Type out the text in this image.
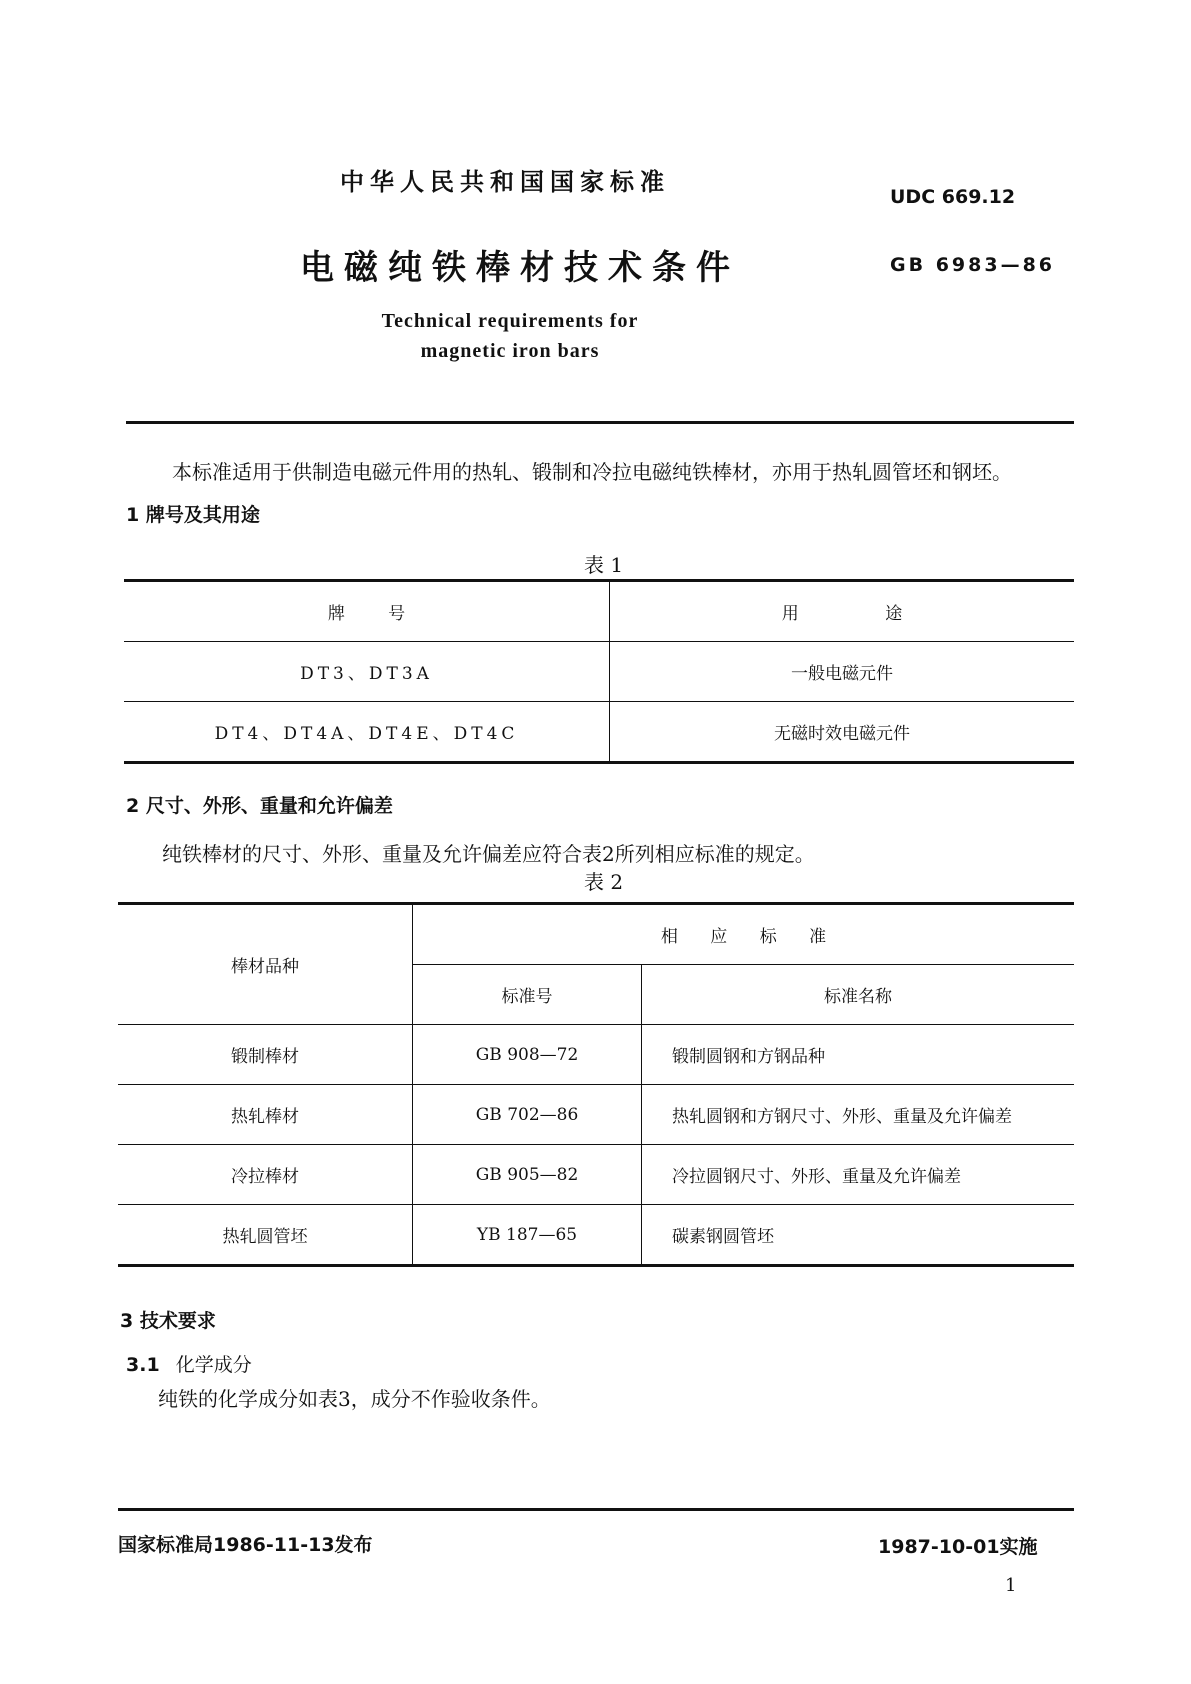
中华人民共和国国家标准
UDC 669.12
电磁纯铁棒材技术条件	GB 6983—86
Technical requirements for
magnetic iron bars
本标准适用于供制造电磁元件用的热轧、锻制和冷拉电磁纯铁棒材，亦用于热轧圆管坯和钢坯。
1 牌号及其用途
表 1
牌        号	用                途
DT3、DT3A	一般电磁元件
DT4、DT4A、DT4E、DT4C	无磁时效电磁元件
2 尺寸、外形、重量和允许偏差
纯铁棒材的尺寸、外形、重量及允许偏差应符合表2所列相应标准的规定。
表 2
棒材品种	相      应      标      准	
	标准号	标准名称
锻制棒材	GB 908—72	锻制圆钢和方钢品种
热轧棒材	GB 702—86	热轧圆钢和方钢尺寸、外形、重量及允许偏差
冷拉棒材	GB 905—82	冷拉圆钢尺寸、外形、重量及允许偏差
热轧圆管坯	YB 187—65	碳素钢圆管坯
3 技术要求
3.1 化学成分
纯铁的化学成分如表3，成分不作验收条件。
国家标准局1986-11-13发布	1987-10-01实施
1
